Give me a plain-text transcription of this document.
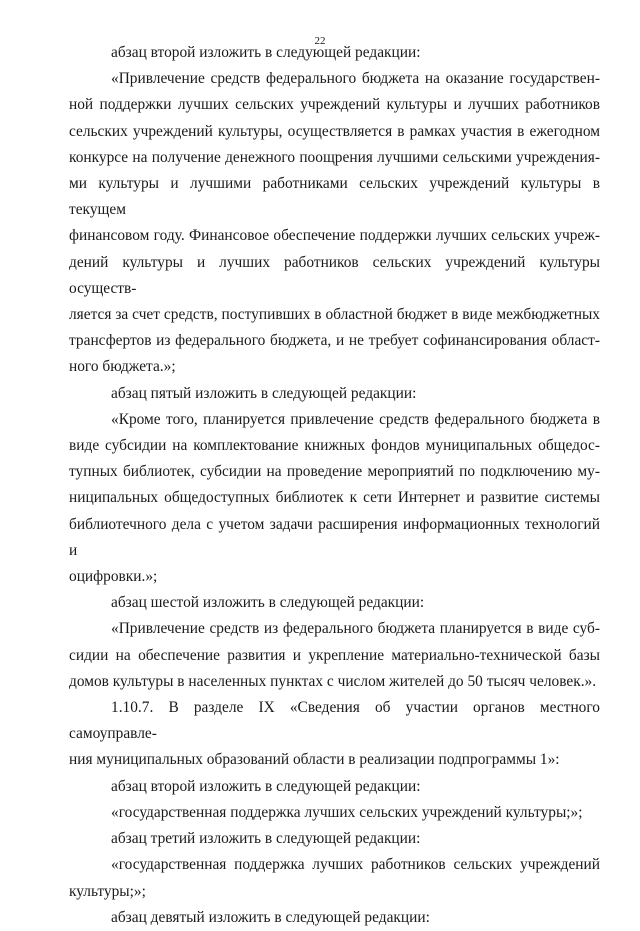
22
абзац второй изложить в следующей редакции:
«Привлечение средств федерального бюджета на оказание государствен-
ной поддержки лучших сельских учреждений культуры и лучших работников
сельских учреждений культуры, осуществляется в рамках участия в ежегодном
конкурсе на получение денежного поощрения лучшими сельскими учреждения-
ми культуры и лучшими работниками сельских учреждений культуры в текущем
финансовом году. Финансовое обеспечение поддержки лучших сельских учреж-
дений культуры и лучших работников сельских учреждений культуры осуществ-
ляется за счет средств, поступивших в областной бюджет в виде межбюджетных
трансфертов из федерального бюджета, и не требует софинансирования област-
ного бюджета.»;
абзац пятый изложить в следующей редакции:
«Кроме того, планируется привлечение средств федерального бюджета в
виде субсидии на комплектование книжных фондов муниципальных общедос-
тупных библиотек, субсидии на проведение мероприятий по подключению му-
ниципальных общедоступных библиотек к сети Интернет и развитие системы
библиотечного дела с учетом задачи расширения информационных технологий и
оцифровки.»;
абзац шестой изложить в следующей редакции:
«Привлечение средств из федерального бюджета планируется в виде суб-
сидии на обеспечение развития и укрепление материально-технической базы
домов культуры в населенных пунктах с числом жителей до 50 тысяч человек.».
1.10.7. В разделе IX «Сведения об участии органов местного самоуправле-
ния муниципальных образований области в реализации подпрограммы 1»:
абзац второй изложить в следующей редакции:
«государственная поддержка лучших сельских учреждений культуры;»;
абзац третий изложить в следующей редакции:
«государственная поддержка лучших работников сельских учреждений
культуры;»;
абзац девятый изложить в следующей редакции:
